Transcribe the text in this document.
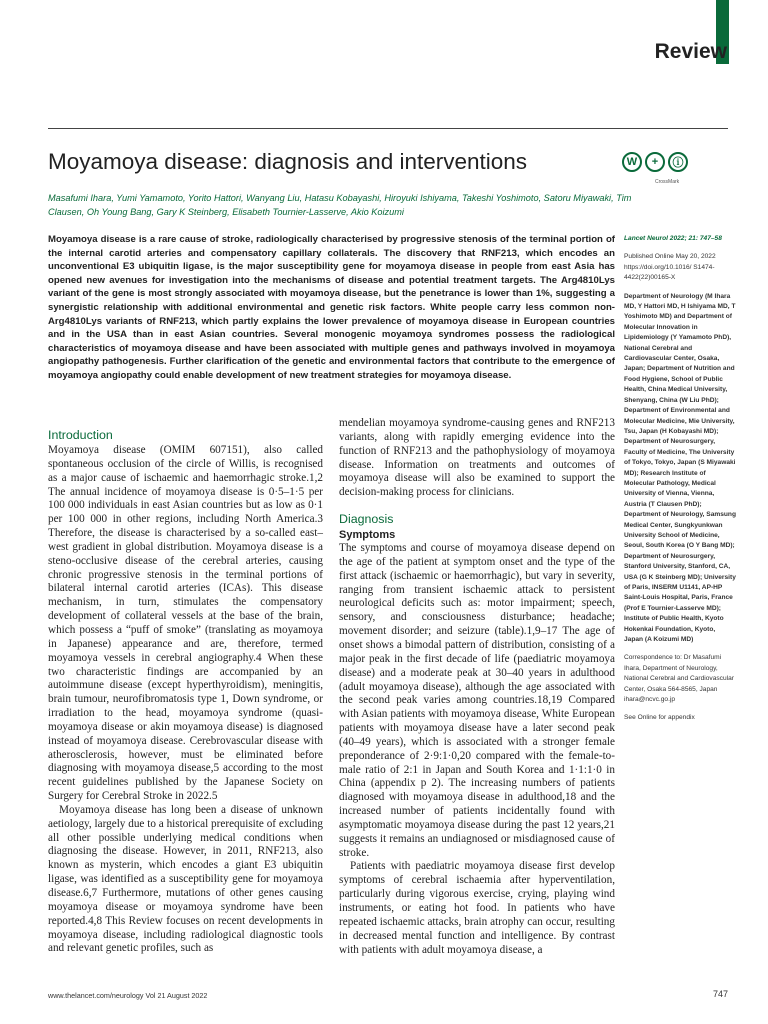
Review
Moyamoya disease: diagnosis and interventions	W	+	ⓘ
CrossMark
Masafumi Ihara, Yumi Yamamoto, Yorito Hattori, Wanyang Liu, Hatasu Kobayashi, Hiroyuki Ishiyama, Takeshi Yoshimoto, Satoru Miyawaki, Tim Clausen, Oh Young Bang, Gary K Steinberg, Elisabeth Tournier-Lasserve, Akio Koizumi
Moyamoya disease is a rare cause of stroke, radiologically characterised by progressive stenosis of the terminal portion of the internal carotid arteries and compensatory capillary collaterals. The discovery that RNF213, which encodes an unconventional E3 ubiquitin ligase, is the major susceptibility gene for moyamoya disease in people from east Asia has opened new avenues for investigation into the mechanisms of disease and potential treatment targets. The Arg4810Lys variant of the gene is most strongly associated with moyamoya disease, but the penetrance is lower than 1%, suggesting a synergistic relationship with additional environmental and genetic risk factors. White people carry less common non-Arg4810Lys variants of RNF213, which partly explains the lower prevalence of moyamoya disease in European countries and in the USA than in east Asian countries. Several monogenic moyamoya syndromes possess the radiological characteristics of moyamoya disease and have been associated with multiple genes and pathways involved in moyamoya angiopathy pathogenesis. Further clarification of the genetic and environmental factors that contribute to the emergence of moyamoya angiopathy could enable development of new treatment strategies for moyamoya disease.

Lancet Neurol 2022; 21: 747–58

Published Online May 20, 2022 https://doi.org/10.1016/ S1474-4422(22)00165-X

Department of Neurology (M Ihara MD, Y Hattori MD, H Ishiyama MD, T Yoshimoto MD) and Department of Molecular Innovation in Lipidemiology (Y Yamamoto PhD), National Cerebral and Cardiovascular Center, Osaka, Japan; Department of Nutrition and Food Hygiene, School of Public Health, China Medical University, Shenyang, China (W Liu PhD); Department of Environmental and Molecular Medicine, Mie University, Tsu, Japan (H Kobayashi MD); Department of Neurosurgery, Faculty of Medicine, The University of Tokyo, Tokyo, Japan (S Miyawaki MD); Research Institute of Molecular Pathology, Medical University of Vienna, Vienna, Austria (T Clausen PhD); Department of Neurology, Samsung Medical Center, Sungkyunkwan University School of Medicine, Seoul, South Korea (O Y Bang MD); Department of Neurosurgery, Stanford University, Stanford, CA, USA (G K Steinberg MD); University of Paris, INSERM U1141, AP-HP Saint-Louis Hospital, Paris, France (Prof E Tournier-Lasserve MD); Institute of Public Health, Kyoto Hokenkai Foundation, Kyoto, Japan (A Koizumi MD)

Correspondence to: Dr Masafumi Ihara, Department of Neurology, National Cerebral and Cardiovascular Center, Osaka 564-8565, Japan ihara@ncvc.go.jp

See Online for appendix

Introduction

Moyamoya disease (OMIM 607151), also called spontaneous occlusion of the circle of Willis, is recognised as a major cause of ischaemic and haemorrhagic stroke.1,2 The annual incidence of moyamoya disease is 0·5–1·5 per 100 000 individuals in east Asian countries but as low as 0·1 per 100 000 in other regions, including North America.3 Therefore, the disease is characterised by a so-called east–west gradient in global distribution. Moyamoya disease is a steno-occlusive disease of the cerebral arteries, causing chronic progressive stenosis in the terminal portions of bilateral internal carotid arteries (ICAs). This disease mechanism, in turn, stimulates the compensatory development of collateral vessels at the base of the brain, which possess a “puff of smoke” (translating as moyamoya in Japanese) appearance and are, therefore, termed moyamoya vessels in cerebral angiography.4 When these two characteristic findings are accompanied by an autoimmune disease (except hyperthyroidism), meningitis, brain tumour, neurofibromatosis type 1, Down syndrome, or irradiation to the head, moyamoya syndrome (quasi-moyamoya disease or akin moyamoya disease) is diagnosed instead of moyamoya disease. Cerebrovascular disease with atherosclerosis, however, must be eliminated before diagnosing with moyamoya disease,5 according to the most recent guidelines published by the Japanese Society on Surgery for Cerebral Stroke in 2022.5

Moyamoya disease has long been a disease of unknown aetiology, largely due to a historical prerequisite of excluding all other possible underlying medical conditions when diagnosing the disease. However, in 2011, RNF213, also known as mysterin, which encodes a giant E3 ubiquitin ligase, was identified as a susceptibility gene for moyamoya disease.6,7 Furthermore, mutations of other genes causing moyamoya disease or moyamoya syndrome have been reported.4,8 This Review focuses on recent developments in moyamoya disease, including radiological diagnostic tools and relevant genetic profiles, such as

mendelian moyamoya syndrome-causing genes and RNF213 variants, along with rapidly emerging evidence into the function of RNF213 and the pathophysiology of moyamoya disease. Information on treatments and outcomes of moyamoya disease will also be examined to support the decision-making process for clinicians.

Diagnosis
Symptoms

The symptoms and course of moyamoya disease depend on the age of the patient at symptom onset and the type of the first attack (ischaemic or haemorrhagic), but vary in severity, ranging from transient ischaemic attack to persistent neurological deficits such as: motor impairment; speech, sensory, and consciousness disturbance; headache; movement disorder; and seizure (table).1,9–17 The age of onset shows a bimodal pattern of distribution, consisting of a major peak in the first decade of life (paediatric moyamoya disease) and a moderate peak at 30–40 years in adulthood (adult moyamoya disease), although the age associated with the second peak varies among countries.18,19 Compared with Asian patients with moyamoya disease, White European patients with moyamoya disease have a later second peak (40–49 years), which is associated with a stronger female preponderance of 2·9:1·0,20 compared with the female-to-male ratio of 2:1 in Japan and South Korea and 1·1:1·0 in China (appendix p 2). The increasing numbers of patients diagnosed with moyamoya disease in adulthood,18 and the increased number of patients incidentally found with asymptomatic moyamoya disease during the past 12 years,21 suggests it remains an undiagnosed or misdiagnosed cause of stroke.

Patients with paediatric moyamoya disease first develop symptoms of cerebral ischaemia after hyperventilation, particularly during vigorous exercise, crying, playing wind instruments, or eating hot food. In patients who have repeated ischaemic attacks, brain atrophy can occur, resulting in decreased mental function and intelligence. By contrast with patients with adult moyamoya disease, a

www.thelancet.com/neurology Vol 21 August 2022	747
